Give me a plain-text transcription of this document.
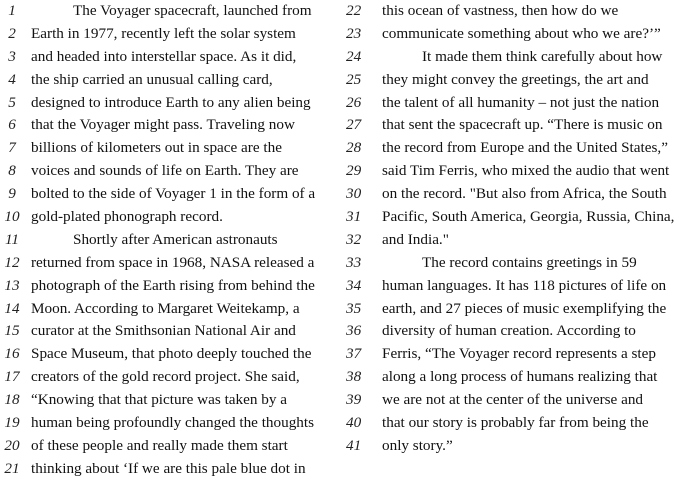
1	The Voyager spacecraft, launched from
2	Earth in 1977, recently left the solar system
3	and headed into interstellar space. As it did,
4	the ship carried an unusual calling card,
5	designed to introduce Earth to any alien being
6	that the Voyager might pass. Traveling now
7	billions of kilometers out in space are the
8	voices and sounds of life on Earth. They are
9	bolted to the side of Voyager 1 in the form of a
10 gold-plated phonograph record.
11	Shortly after American astronauts
12 returned from space in 1968, NASA released a
13 photograph of the Earth rising from behind the
14 Moon. According to Margaret Weitekamp, a
15 curator at the Smithsonian National Air and
16 Space Museum, that photo deeply touched the
17 creators of the gold record project. She said,
18 “Knowing that that picture was taken by a
19 human being profoundly changed the thoughts
20 of these people and really made them start
21 thinking about ‘If we are this pale blue dot in
22	this ocean of vastness, then how do we
23	communicate something about who we are?’”
24	It made them think carefully about how
25	they might convey the greetings, the art and
26	the talent of all humanity – not just the nation
27	that sent the spacecraft up. “There is music on
28	the record from Europe and the United States,”
29	said Tim Ferris, who mixed the audio that went
30	on the record. "But also from Africa, the South
31	Pacific, South America, Georgia, Russia, China,
32	and India."
33	The record contains greetings in 59
34	human languages. It has 118 pictures of life on
35	earth, and 27 pieces of music exemplifying the
36	diversity of human creation. According to
37	Ferris, “The Voyager record represents a step
38	along a long process of humans realizing that
39	we are not at the center of the universe and
40	that our story is probably far from being the
41	only story.”
